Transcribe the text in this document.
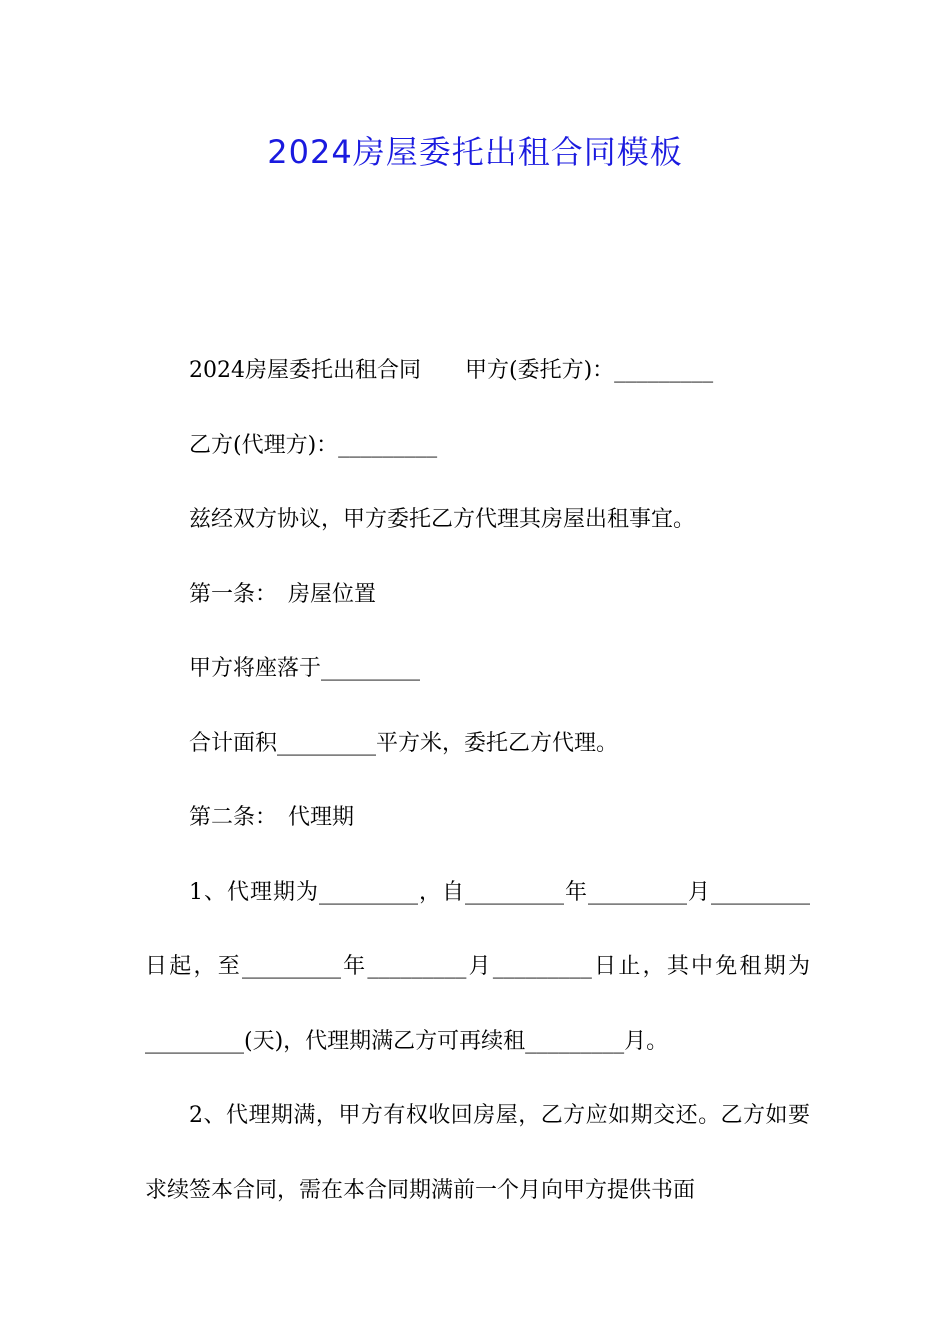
2024房屋委托出租合同模板

2024房屋委托出租合同　　甲方(委托方)：_________

乙方(代理方)：_________

兹经双方协议，甲方委托乙方代理其房屋出租事宜。

第一条：　房屋位置

甲方将座落于_________

合计面积_________平方米，委托乙方代理。

第二条：　代理期

1、代理期为_________，自_________年_________月_________日起，至_________年_________月_________日止，其中免租期为_________(天)，代理期满乙方可再续租_________月。

2、代理期满，甲方有权收回房屋，乙方应如期交还。乙方如要求续签本合同，需在本合同期满前一个月向甲方提供书面
